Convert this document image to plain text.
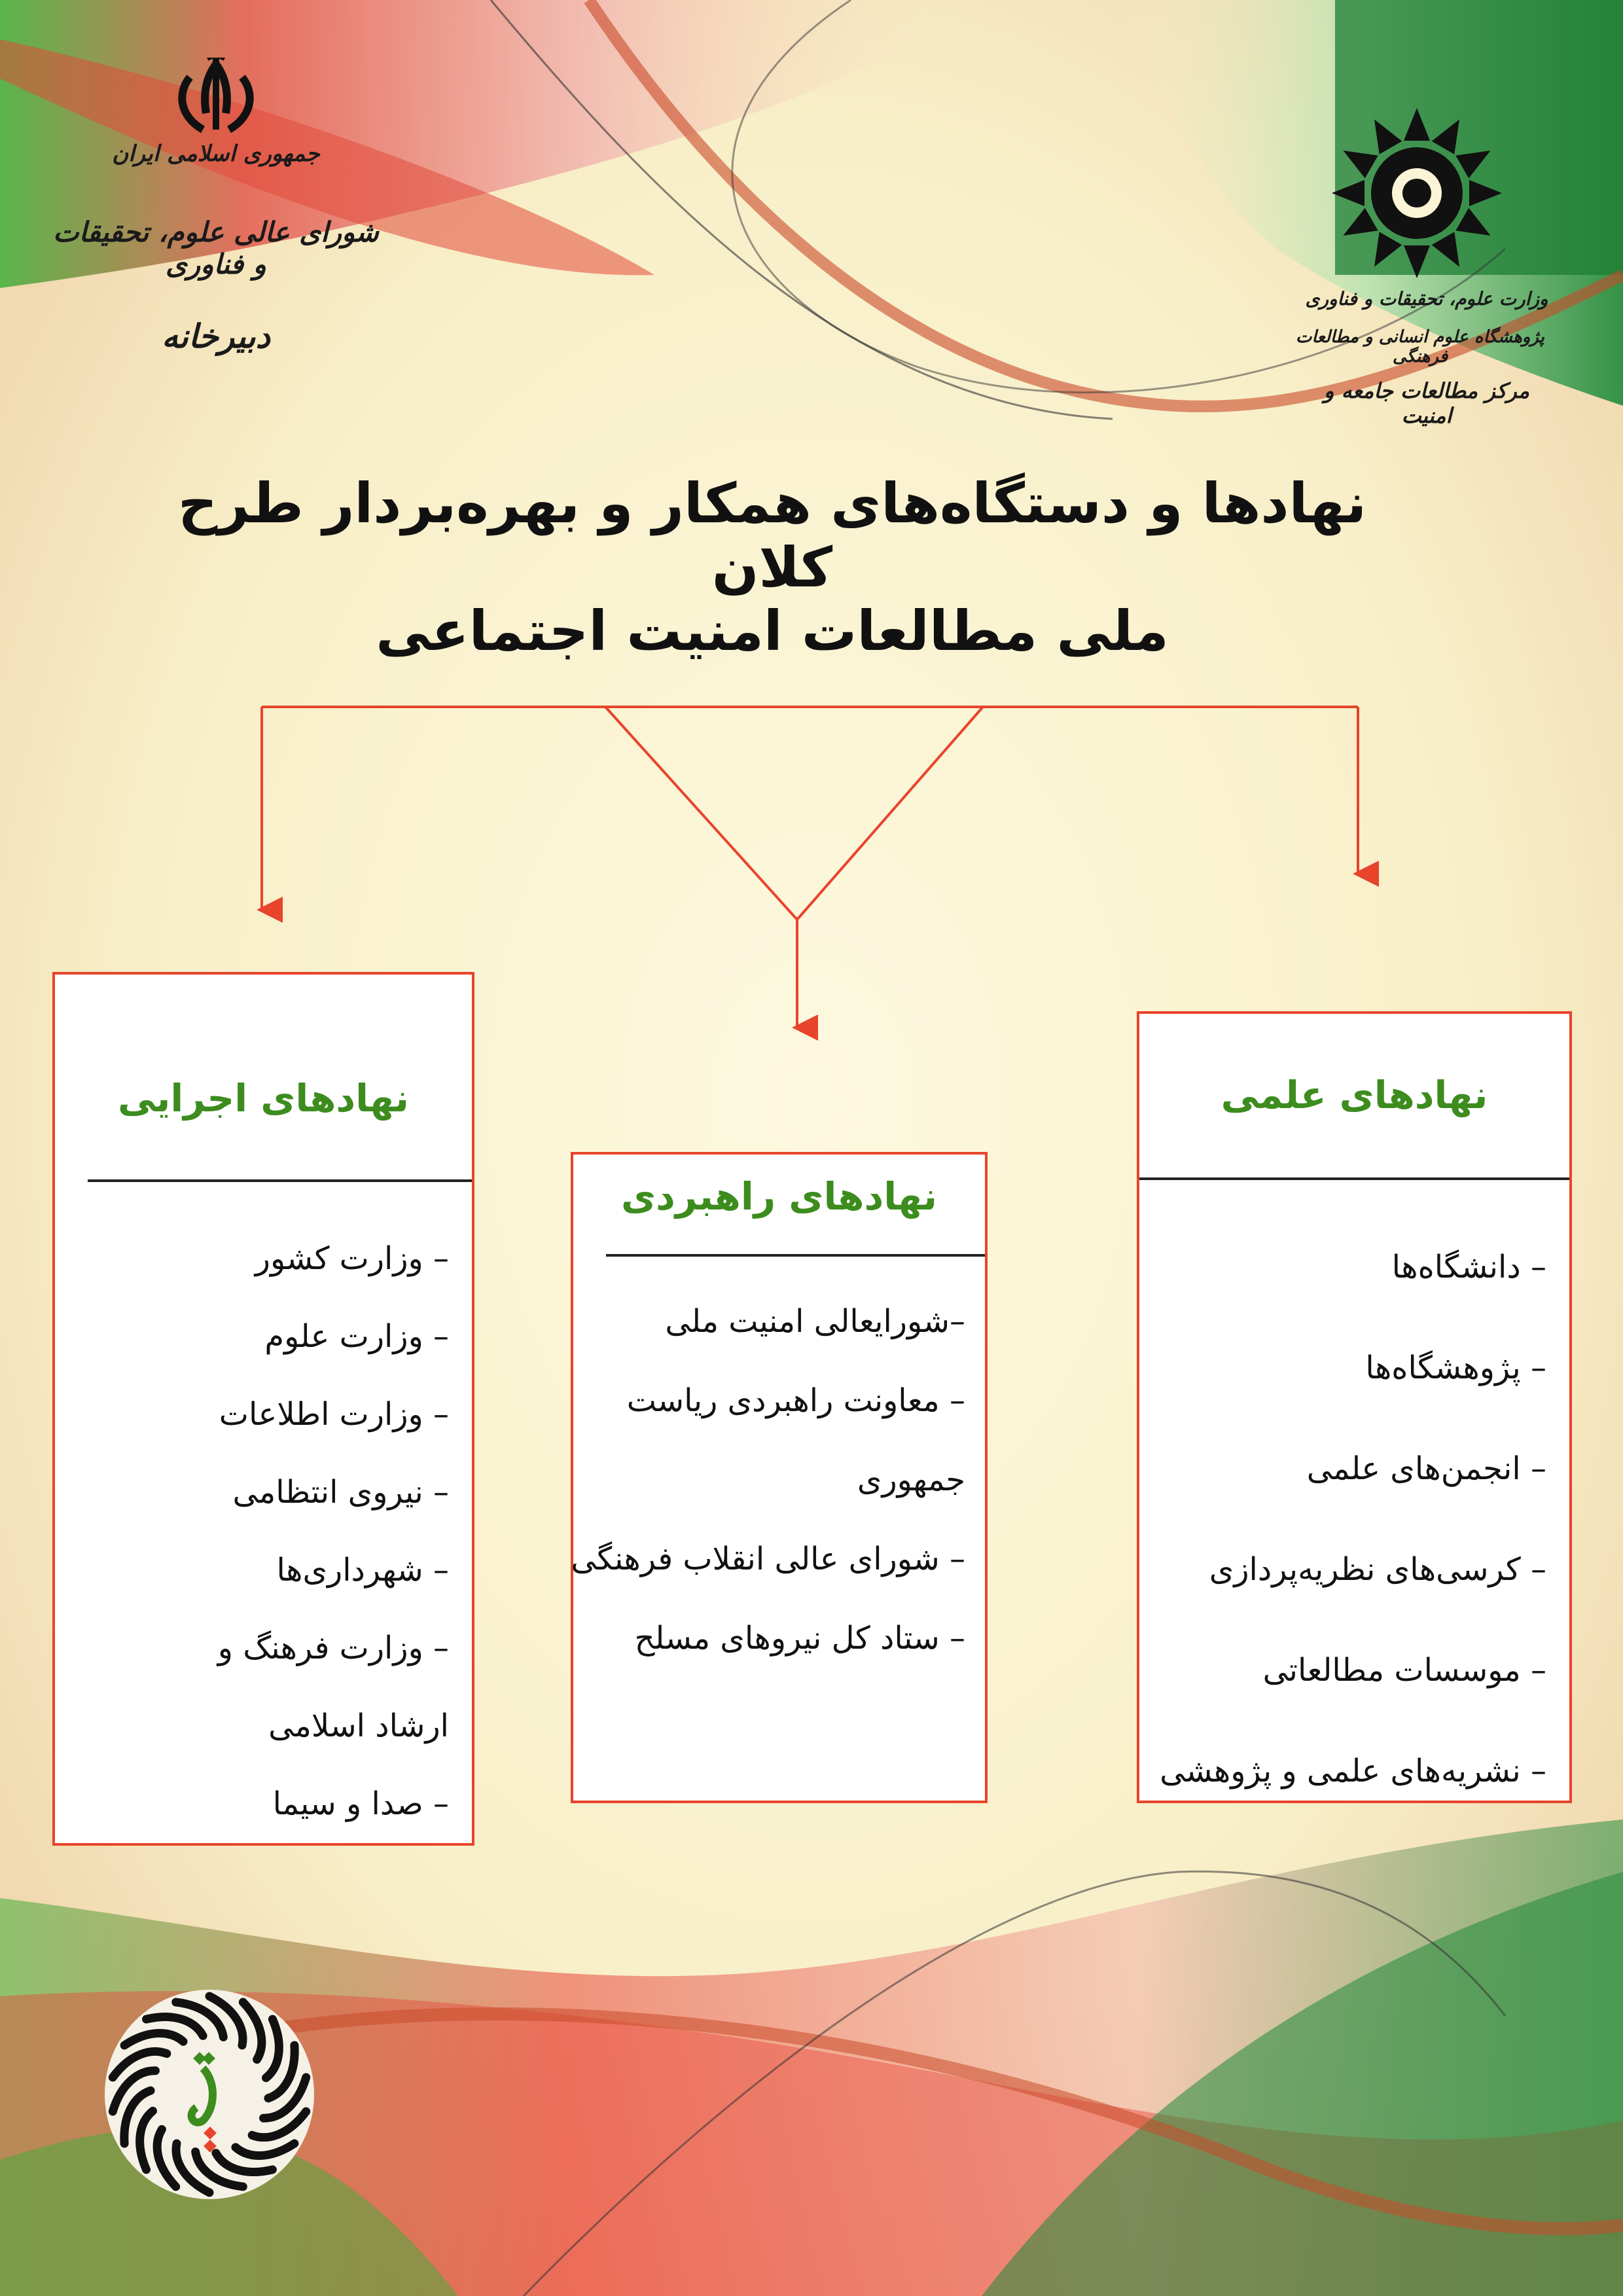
جمهوری اسلامی ایران
شورای عالی علوم، تحقیقات و فناوری
دبیرخانه
وزارت علوم، تحقیقات و فناوری
پژوهشگاه علوم انسانی و مطالعات فرهنگی
مرکز مطالعات جامعه و امنیت
نهادها و دستگاه‌های همکار و بهره‌بردار طرح کلان
ملی مطالعات امنیت اجتماعی
نهادهای اجرایی
– وزارت کشور
– وزارت علوم
– وزارت اطلاعات
– نیروی انتظامی
– شهرداری‌ها
– وزارت فرهنگ و
ارشاد اسلامی
– صدا و سیما
نهادهای راهبردی
–شورایعالی امنیت ملی
– معاونت راهبردی ریاست
جمهوری
– شورای عالی انقلاب فرهنگی
– ستاد کل نیروهای مسلح
نهادهای علمی
– دانشگاه‌ها
– پژوهشگاه‌ها
– انجمن‌های علمی
– کرسی‌های نظریه‌پردازی
– موسسات مطالعاتی
– نشریه‌های علمی و پژوهشی
